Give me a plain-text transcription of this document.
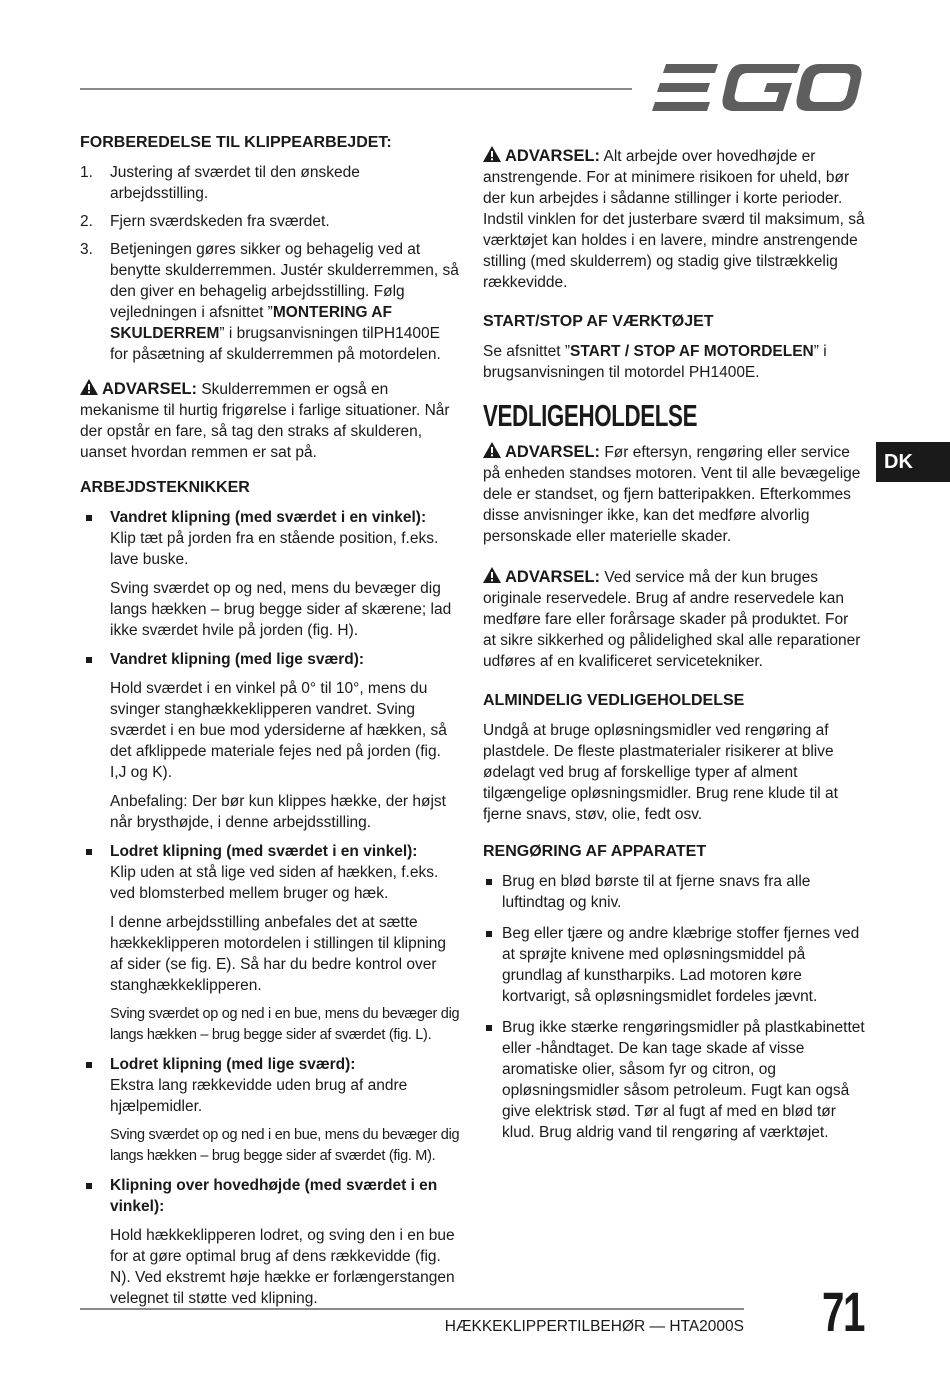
FORBEREDELSE TIL KLIPPEARBEJDET:
1. Justering af sværdet til den ønskede arbejdsstilling.
2. Fjern sværdskeden fra sværdet.
3. Betjeningen gøres sikker og behagelig ved at benytte skulderremmen. Justér skulderremmen, så den giver en behagelig arbejdsstilling. Følg vejledningen i afsnittet ”MONTERING AF SKULDERREM” i brugsanvisningen tilPH1400E for påsætning af skulderremmen på motordelen.
ADVARSEL: Skulderremmen er også en mekanisme til hurtig frigørelse i farlige situationer. Når der opstår en fare, så tag den straks af skulderen, uanset hvordan remmen er sat på.
ARBEJDSTEKNIKKER
Vandret klipning (med sværdet i en vinkel):
Klip tæt på jorden fra en stående position, f.eks. lave buske.
Sving sværdet op og ned, mens du bevæger dig langs hækken – brug begge sider af skærene; lad ikke sværdet hvile på jorden (fig. H).
Vandret klipning (med lige sværd):
Hold sværdet i en vinkel på 0° til 10°, mens du svinger stanghækkeklipperen vandret. Sving sværdet i en bue mod ydersiderne af hækken, så det afklippede materiale fejes ned på jorden (fig. I,J og K).
Anbefaling: Der bør kun klippes hække, der højst når brysthøjde, i denne arbejdsstilling.
Lodret klipning (med sværdet i en vinkel):
Klip uden at stå lige ved siden af hækken, f.eks. ved blomsterbed mellem bruger og hæk.
I denne arbejdsstilling anbefales det at sætte hækkeklipperen motordelen i stillingen til klipning af sider (se fig. E). Så har du bedre kontrol over stanghækkeklipperen.
Sving sværdet op og ned i en bue, mens du bevæger dig langs hækken – brug begge sider af sværdet (fig. L).
Lodret klipning (med lige sværd):
Ekstra lang rækkevidde uden brug af andre hjælpemidler.
Sving sværdet op og ned i en bue, mens du bevæger dig langs hækken – brug begge sider af sværdet (fig. M).
Klipning over hovedhøjde (med sværdet i en vinkel):
Hold hækkeklipperen lodret, og sving den i en bue for at gøre optimal brug af dens rækkevidde (fig. N). Ved ekstremt høje hække er forlængerstangen velegnet til støtte ved klipning.
ADVARSEL: Alt arbejde over hovedhøjde er anstrengende. For at minimere risikoen for uheld, bør der kun arbejdes i sådanne stillinger i korte perioder. Indstil vinklen for det justerbare sværd til maksimum, så værktøjet kan holdes i en lavere, mindre anstrengende stilling (med skulderrem) og stadig give tilstrækkelig rækkevidde.
START/STOP AF VÆRKTØJET

Se afsnittet ”START / STOP AF MOTORDELEN” i brugsanvisningen til motordel PH1400E.

VEDLIGEHOLDELSE
ADVARSEL: Før eftersyn, rengøring eller service på enheden standses motoren. Vent til alle bevægelige dele er standset, og fjern batteripakken. Efterkommes disse anvisninger ikke, kan det medføre alvorlig personskade eller materielle skader.
ADVARSEL: Ved service må der kun bruges originale reservedele. Brug af andre reservedele kan medføre fare eller forårsage skader på produktet. For at sikre sikkerhed og pålidelighed skal alle reparationer udføres af en kvalificeret servicetekniker.
ALMINDELIG VEDLIGEHOLDELSE

Undgå at bruge opløsningsmidler ved rengøring af plastdele. De fleste plastmaterialer risikerer at blive ødelagt ved brug af forskellige typer af alment tilgængelige opløsningsmidler. Brug rene klude til at fjerne snavs, støv, olie, fedt osv.

RENGØRING AF APPARATET
Brug en blød børste til at fjerne snavs fra alle luftindtag og kniv.
Beg eller tjære og andre klæbrige stoffer fjernes ved at sprøjte knivene med opløsningsmiddel på grundlag af kunstharpiks. Lad motoren køre kortvarigt, så opløsningsmidlet fordeles jævnt.
Brug ikke stærke rengøringsmidler på plastkabinettet eller -håndtaget. De kan tage skade af visse aromatiske olier, såsom fyr og citron, og opløsningsmidler såsom petroleum. Fugt kan også give elektrisk stød. Tør al fugt af med en blød tør klud. Brug aldrig vand til rengøring af værktøjet.
DK
HÆKKEKLIPPERTILBEHØR — HTA2000S 71
